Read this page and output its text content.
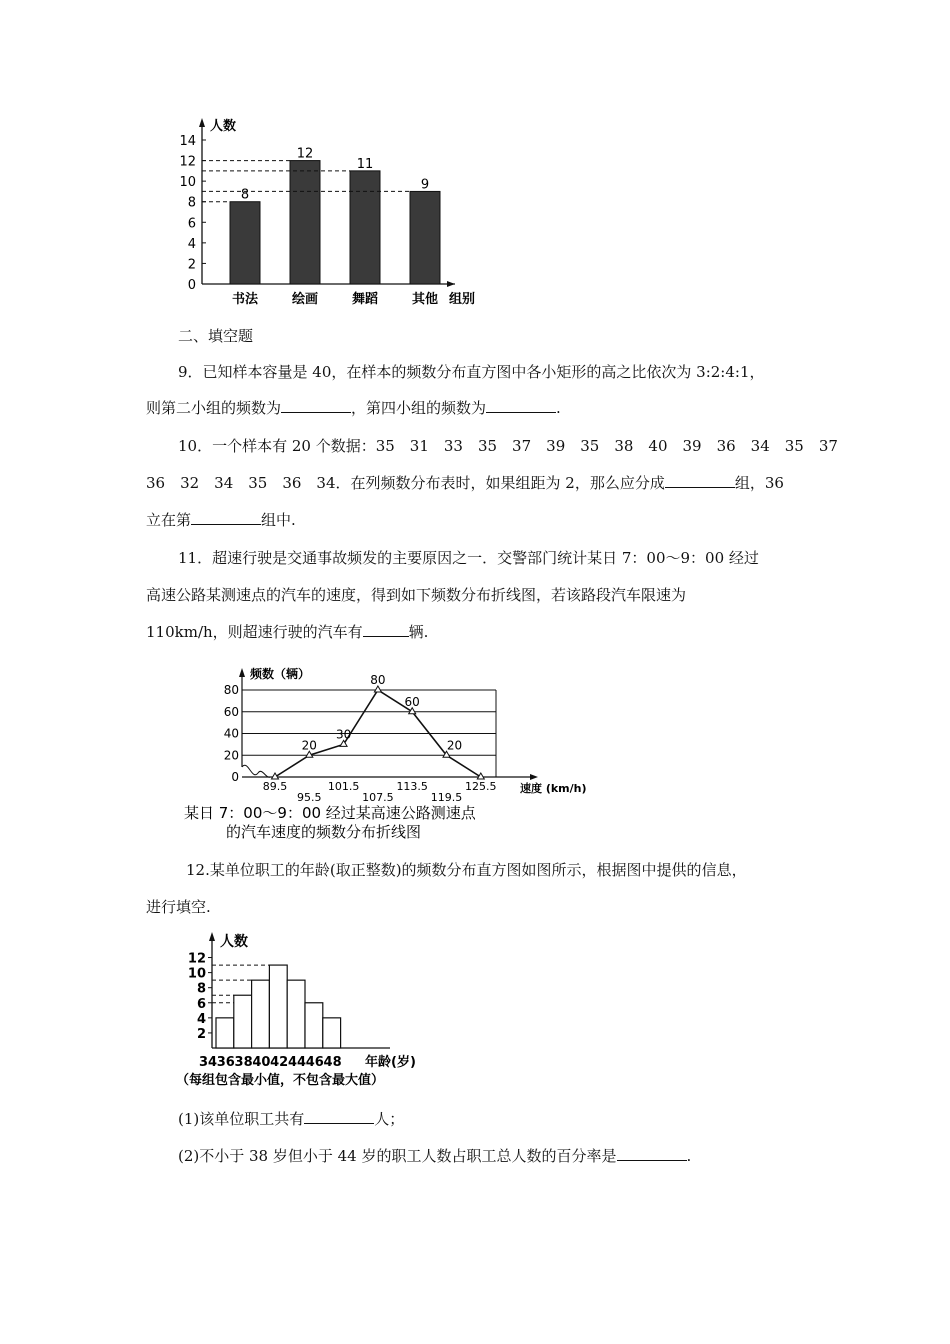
人数
组别
0
2
4
6
8
10
12
14
8
书法
12
绘画
11
舞蹈
9
其他
二、填空题
9．已知样本容量是 40，在样本的频数分布直方图中各小矩形的高之比依次为 3:2:4:1，
则第二小组的频数为	，第四小组的频数为	.
10．一个样本有 20 个数据：35　31　33　35　37　39　35　38　40　39　36　34　35　37
36　32　34　35　36　34．在列频数分布表时，如果组距为 2，那么应分成	组，36
立在第	组中.
11．超速行驶是交通事故频发的主要原因之一．交警部门统计某日 7：00～9：00 经过
高速公路某测速点的汽车的速度，得到如下频数分布折线图，若该路段汽车限速为
110km/h，则超速行驶的汽车有	辆.
0
20
40
60
80
频数（辆）
速度 (km/h)
89.5
20
95.5
30
101.5
80
107.5
60
113.5
20
119.5
125.5
某日 7：00～9：00 经过某高速公路测速点
的汽车速度的频数分布折线图
12.某单位职工的年龄(取正整数)的频数分布直方图如图所示，根据图中提供的信息，
进行填空.
人数
2
4
6
8
10
12
34 36 38 40 42 44 46 48 年龄(岁)
（每组包含最小值，不包含最大值）
(1)该单位职工共有	人；
(2)不小于 38 岁但小于 44 岁的职工人数占职工总人数的百分率是	.
